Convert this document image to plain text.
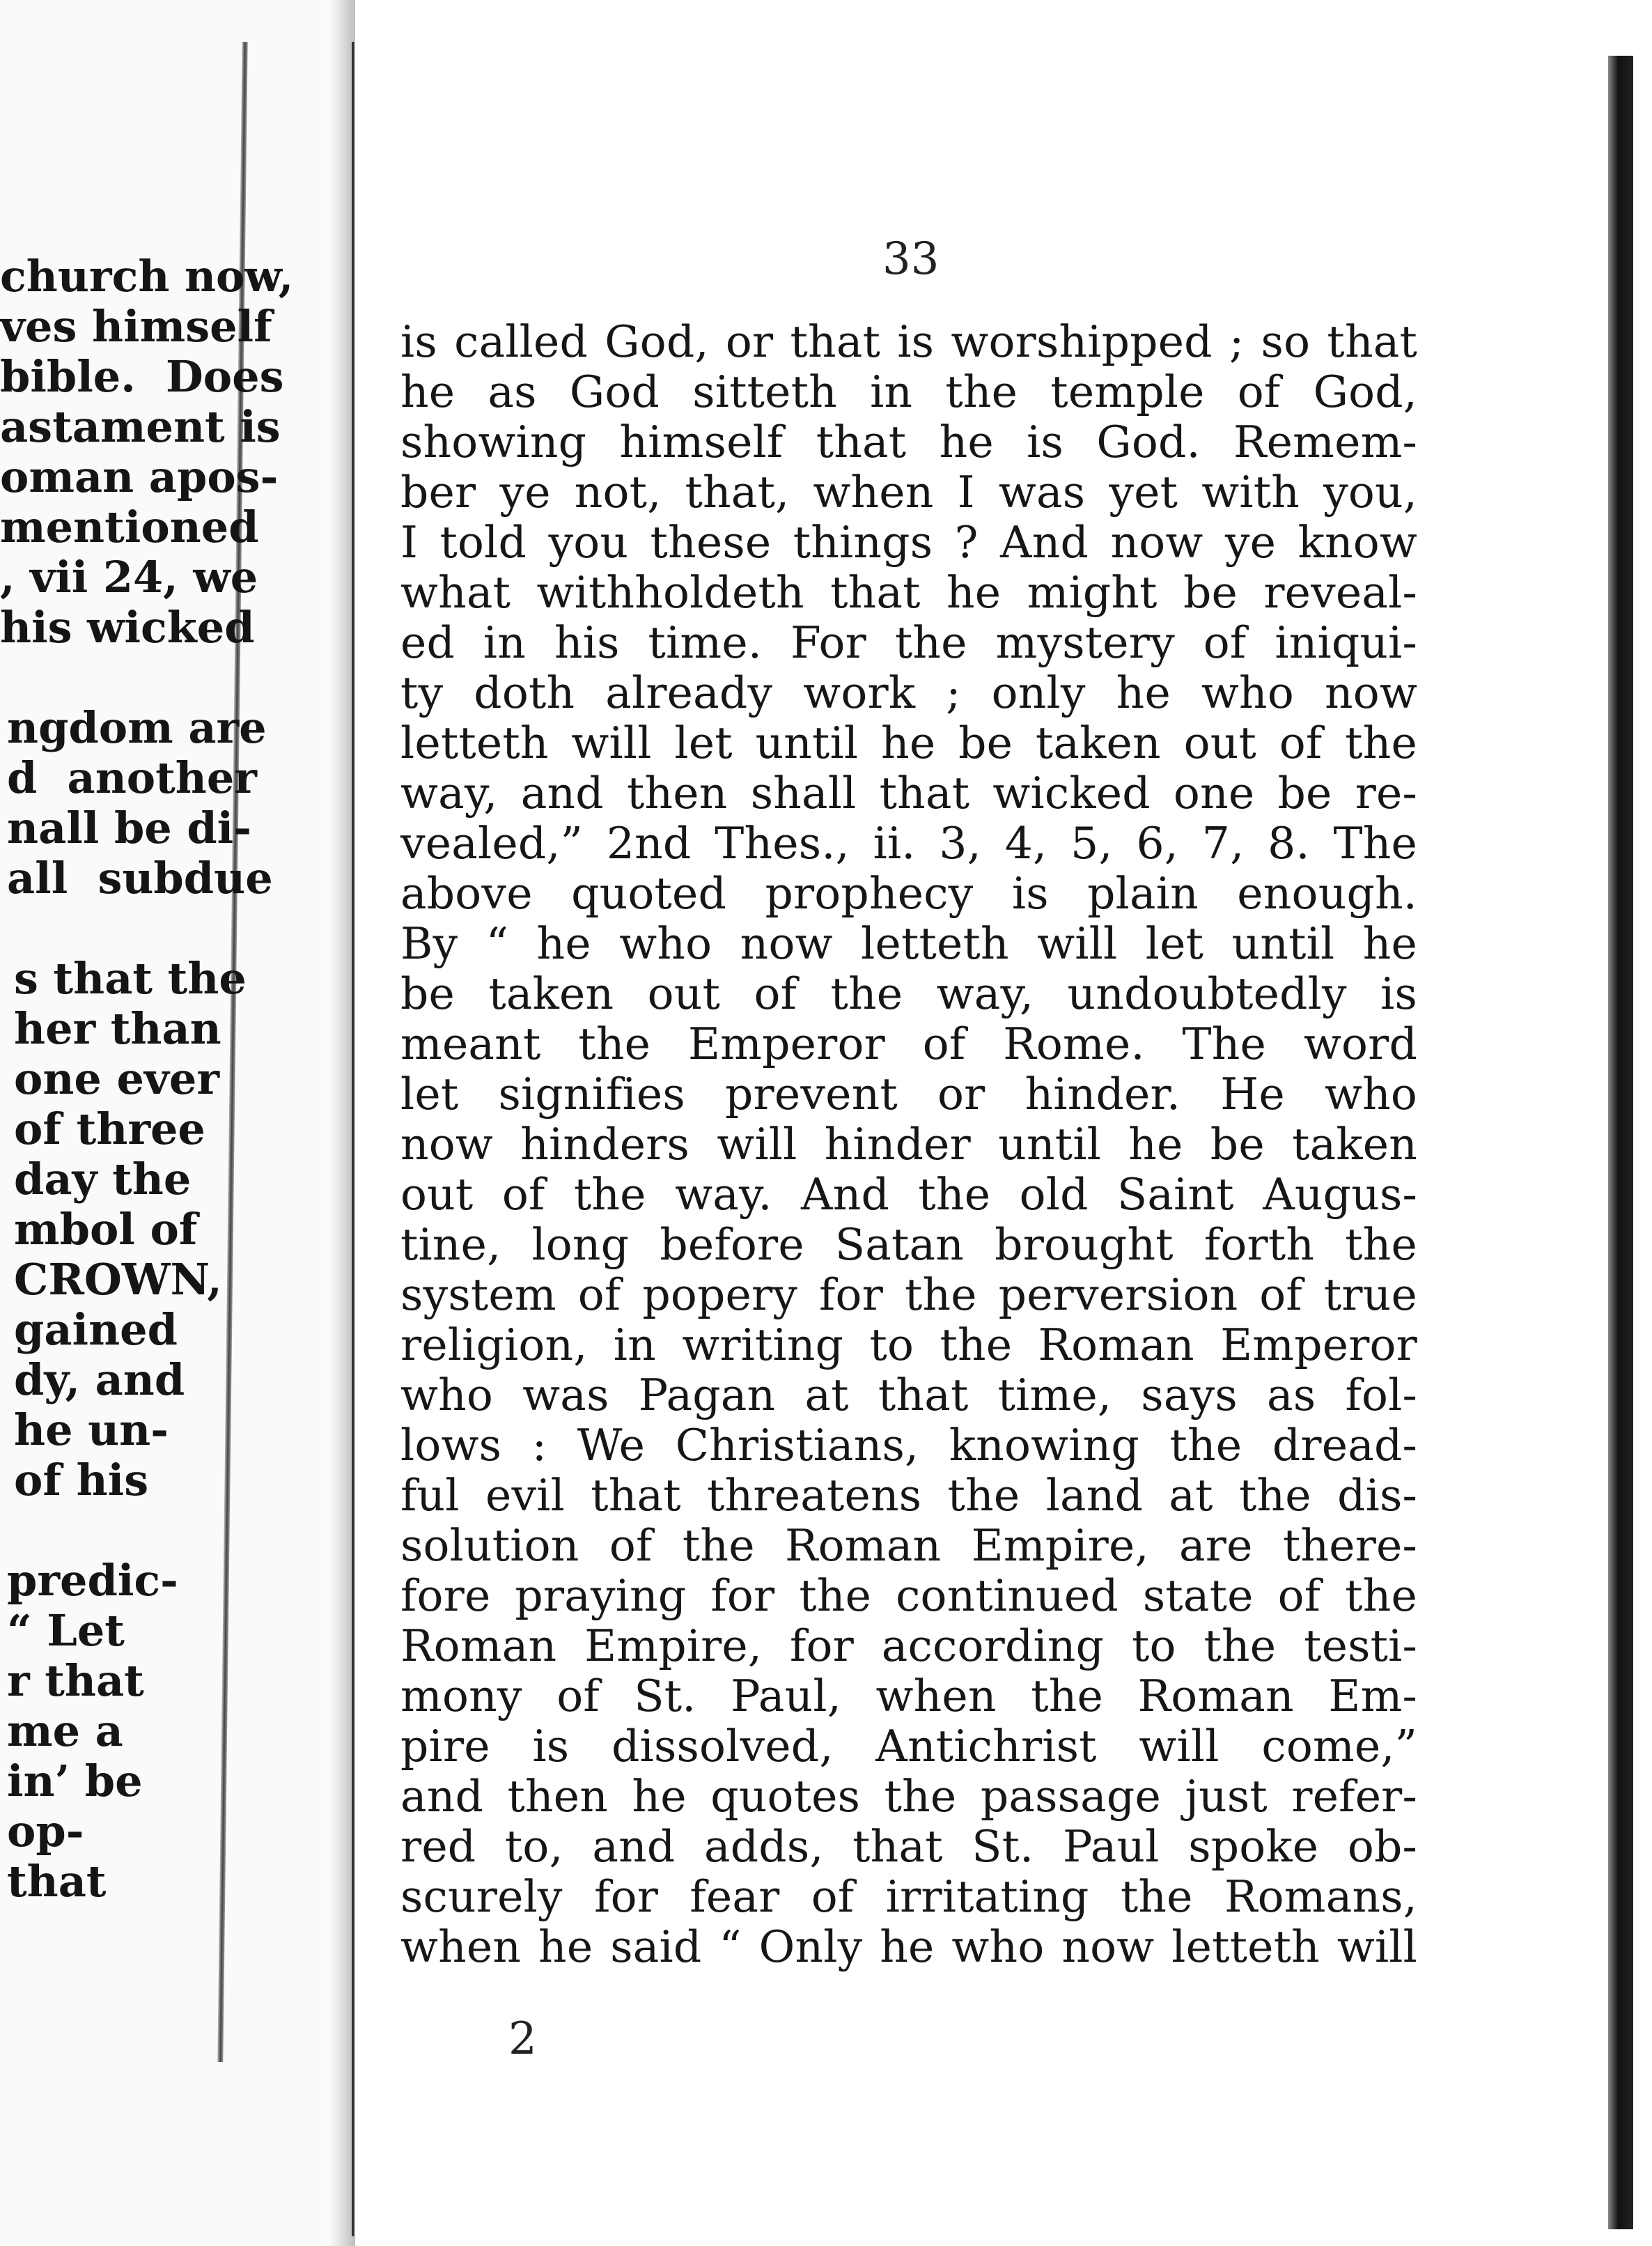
church now,
ves himself
bible.  Does
astament is
oman apos-
mentioned
, vii 24, we
his wicked
ngdom are
d  another
nall be di-
all  subdue
s that the
her than
one ever
of three
day the
mbol of
CROWN,
gained
dy, and
he un-
of his
predic-
“ Let
r that
me a
in’ be
op-
that
33
is called God, or that is worshipped ; so that
he as God sitteth in the temple of God,
showing himself that he is God. Remem-
ber ye not, that, when I was yet with you,
I told you these things ? And now ye know
what withholdeth that he might be reveal-
ed in his time. For the mystery of iniqui-
ty doth already work ; only he who now
letteth will let until he be taken out of the
way, and then shall that wicked one be re-
vealed,” 2nd Thes., ii. 3, 4, 5, 6, 7, 8. The
above quoted prophecy is plain enough.
By “ he who now letteth will let until he
be taken out of the way, undoubtedly is
meant the Emperor of Rome. The word
let signifies prevent or hinder. He who
now hinders will hinder until he be taken
out of the way. And the old Saint Augus-
tine, long before Satan brought forth the
system of popery for the perversion of true
religion, in writing to the Roman Emperor
who was Pagan at that time, says as fol-
lows : We Christians, knowing the dread-
ful evil that threatens the land at the dis-
solution of the Roman Empire, are there-
fore praying for the continued state of the
Roman Empire, for according to the testi-
mony of St. Paul, when the Roman Em-
pire is dissolved, Antichrist will come,”
and then he quotes the passage just refer-
red to, and adds, that St. Paul spoke ob-
scurely for fear of irritating the Romans,
when he said “ Only he who now letteth will
2
